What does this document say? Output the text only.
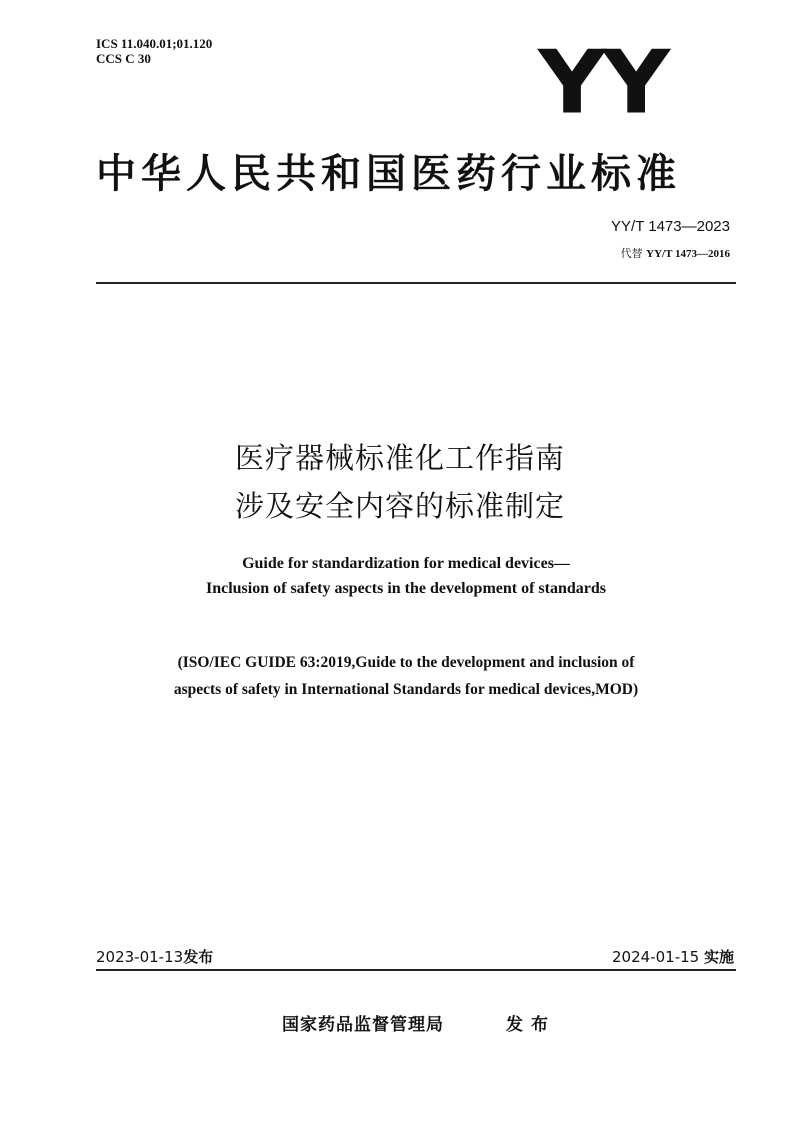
ICS 11.040.01;01.120
CCS C 30	YY
中华人民共和国医药行业标准
YY/T 1473—2023
代替 YY/T 1473—2016
医疗器械标准化工作指南
涉及安全内容的标准制定
Guide for standardization for medical devices—
Inclusion of safety aspects in the development of standards
(ISO/IEC GUIDE 63:2019,Guide to the development and inclusion of
aspects of safety in International Standards for medical devices,MOD)
2023-01-13发布	2024-01-15 实施
国家药品监督管理局	发布
